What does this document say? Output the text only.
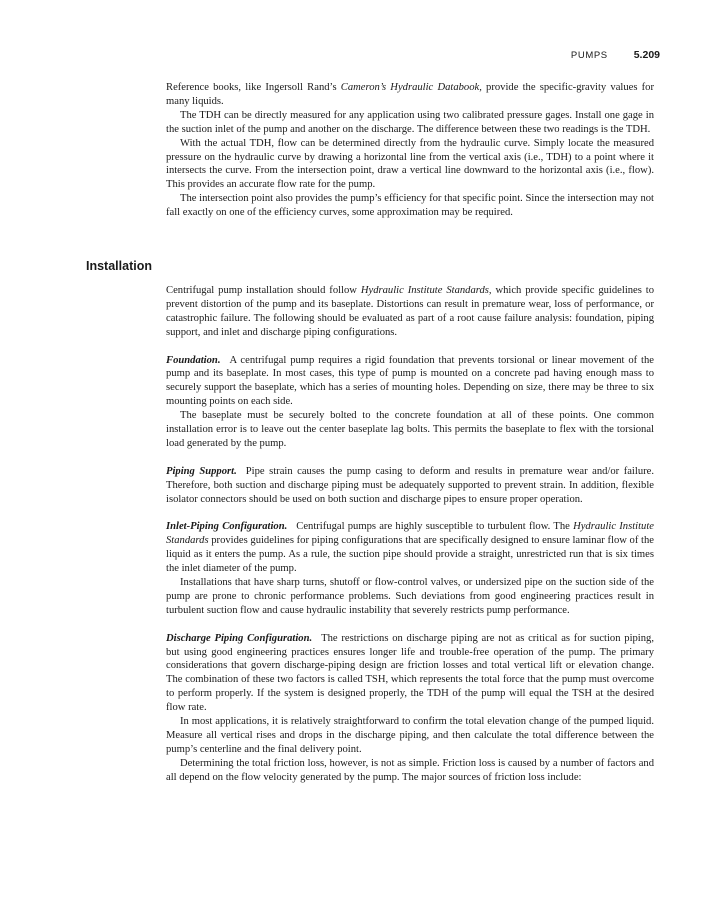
PUMPS 5.209

Reference books, like Ingersoll Rand’s Cameron’s Hydraulic Databook, provide the specific-gravity values for many liquids.

The TDH can be directly measured for any application using two calibrated pressure gages. Install one gage in the suction inlet of the pump and another on the discharge. The difference between these two readings is the TDH.

With the actual TDH, flow can be determined directly from the hydraulic curve. Simply locate the measured pressure on the hydraulic curve by drawing a horizontal line from the vertical axis (i.e., TDH) to a point where it intersects the curve. From the intersection point, draw a vertical line downward to the horizontal axis (i.e., flow). This provides an accurate flow rate for the pump.

The intersection point also provides the pump’s efficiency for that specific point. Since the intersection may not fall exactly on one of the efficiency curves, some approximation may be required.

Installation

Centrifugal pump installation should follow Hydraulic Institute Standards, which provide specific guidelines to prevent distortion of the pump and its baseplate. Distortions can result in premature wear, loss of performance, or catastrophic failure. The following should be evaluated as part of a root cause failure analysis: foundation, piping support, and inlet and discharge piping configurations.

Foundation. A centrifugal pump requires a rigid foundation that prevents torsional or linear movement of the pump and its baseplate. In most cases, this type of pump is mounted on a concrete pad having enough mass to securely support the baseplate, which has a series of mounting holes. Depending on size, there may be three to six mounting points on each side.

The baseplate must be securely bolted to the concrete foundation at all of these points. One common installation error is to leave out the center baseplate lag bolts. This permits the baseplate to flex with the torsional load generated by the pump.

Piping Support. Pipe strain causes the pump casing to deform and results in premature wear and/or failure. Therefore, both suction and discharge piping must be adequately supported to prevent strain. In addition, flexible isolator connectors should be used on both suction and discharge pipes to ensure proper operation.

Inlet-Piping Configuration. Centrifugal pumps are highly susceptible to turbulent flow. The Hydraulic Institute Standards provides guidelines for piping configurations that are specifically designed to ensure laminar flow of the liquid as it enters the pump. As a rule, the suction pipe should provide a straight, unrestricted run that is six times the inlet diameter of the pump.

Installations that have sharp turns, shutoff or flow-control valves, or undersized pipe on the suction side of the pump are prone to chronic performance problems. Such deviations from good engineering practices result in turbulent suction flow and cause hydraulic instability that severely restricts pump performance.

Discharge Piping Configuration. The restrictions on discharge piping are not as critical as for suction piping, but using good engineering practices ensures longer life and trouble-free operation of the pump. The primary considerations that govern discharge-piping design are friction losses and total vertical lift or elevation change. The combination of these two factors is called TSH, which represents the total force that the pump must overcome to perform properly. If the system is designed properly, the TDH of the pump will equal the TSH at the desired flow rate.

In most applications, it is relatively straightforward to confirm the total elevation change of the pumped liquid. Measure all vertical rises and drops in the discharge piping, and then calculate the total difference between the pump’s centerline and the final delivery point.

Determining the total friction loss, however, is not as simple. Friction loss is caused by a number of factors and all depend on the flow velocity generated by the pump. The major sources of friction loss include:
